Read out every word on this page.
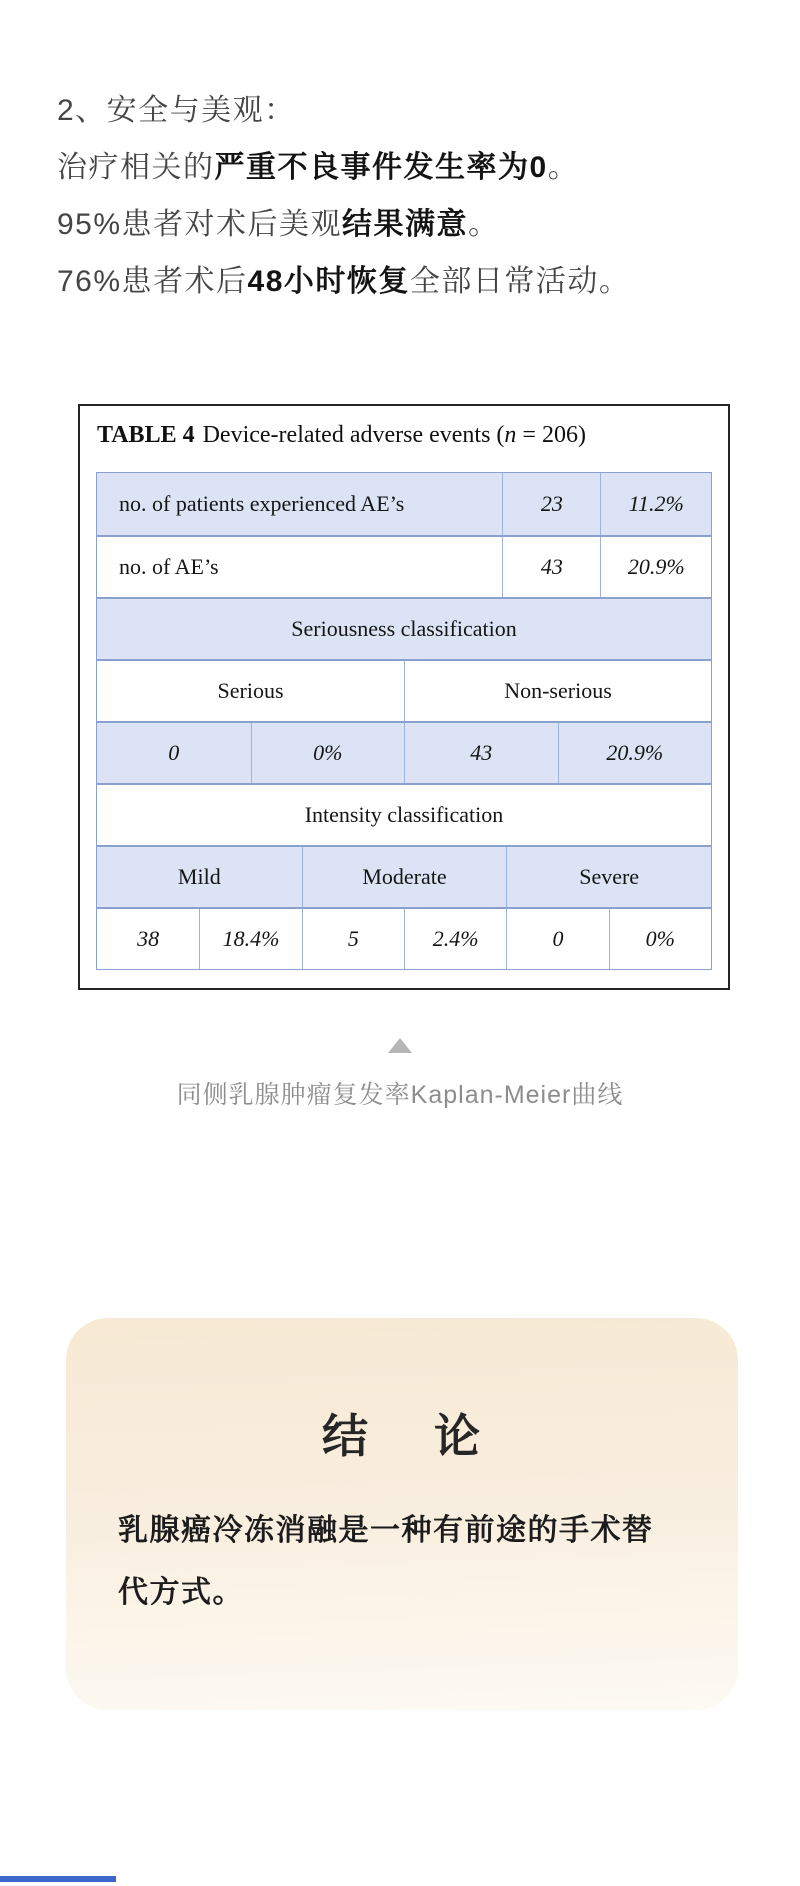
2、安全与美观：

治疗相关的严重不良事件发生率为0。

95%患者对术后美观结果满意。

76%患者术后48小时恢复全部日常活动。

TABLE 4 Device-related adverse events (n = 206)
no. of patients experienced AE’s	23	11.2%
no. of AE’s	43	20.9%
Seriousness classification
Serious	Non-serious
0	0%	43	20.9%
Intensity classification
Mild	Moderate	Severe
38	18.4%	5	2.4%	0	0%

同侧乳腺肿瘤复发率Kaplan-Meier曲线

结 论

乳腺癌冷冻消融是一种有前途的手术替
代方式。
